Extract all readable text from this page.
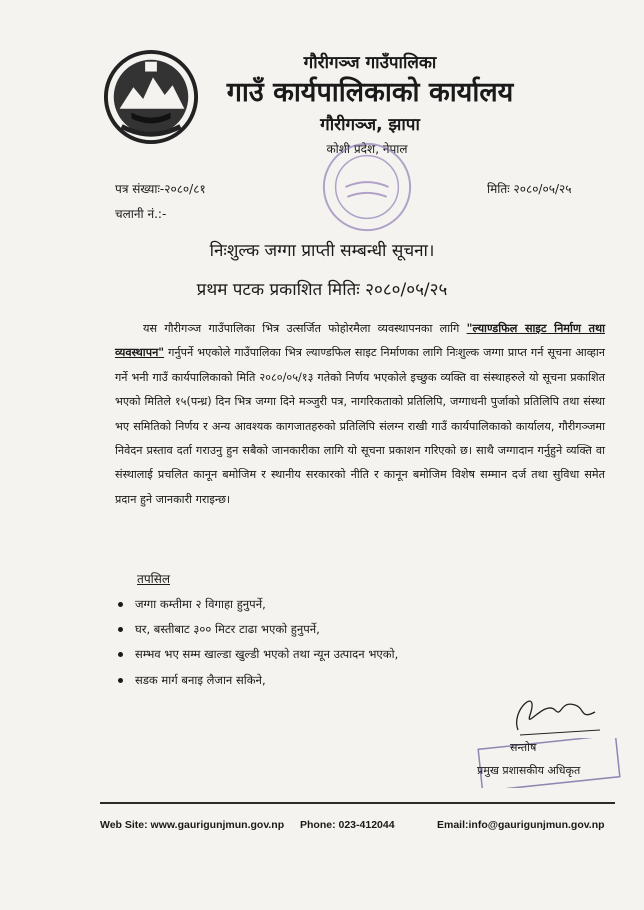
गौरीगञ्ज गाउँपालिका
गाउँ कार्यपालिकाको कार्यालय
गौरीगञ्ज, झापा
कोशी प्रदेश, नेपाल
पत्र संख्याः-२०८०/८१
चलानी नं.:-
मितिः २०८०/०५/२५
निःशुल्क जग्गा प्राप्ती सम्बन्धी सूचना।
प्रथम पटक प्रकाशित मितिः २०८०/०५/२५
यस गौरीगञ्ज गाउँपालिका भित्र उत्सर्जित फोहोरमैला व्यवस्थापनका लागि "ल्याण्डफिल साइट निर्माण तथा व्यवस्थापन" गर्नुपर्ने भएकोले गाउँपालिका भित्र ल्याण्डफिल साइट निर्माणका लागि निःशुल्क जग्गा प्राप्त गर्न सूचना आव्हान गर्ने भनी गाउँ कार्यपालिकाको मिति २०८०/०५/१३ गतेको निर्णय भएकोले इच्छुक व्यक्ति वा संस्थाहरुले यो सूचना प्रकाशित भएको मितिले १५(पन्ध्र) दिन भित्र जग्गा दिने मञ्जुरी पत्र, नागरिकताको प्रतिलिपि, जग्गाधनी पुर्जाको प्रतिलिपि तथा संस्था भए समितिको निर्णय र अन्य आवश्यक कागजातहरुको प्रतिलिपि संलग्न राखी गाउँ कार्यपालिकाको कार्यालय, गौरीगञ्जमा निवेदन प्रस्ताव दर्ता गराउनु हुन सबैको जानकारीका लागि यो सूचना प्रकाशन गरिएको छ। साथै जग्गादान गर्नुहुने व्यक्ति वा संस्थालाई प्रचलित कानून बमोजिम र स्थानीय सरकारको नीति र कानून बमोजिम विशेष सम्मान दर्ज तथा सुविधा समेत प्रदान हुने जानकारी गराइन्छ।
तपसिल
जग्गा कम्तीमा २ विगाहा हुनुपर्ने,
घर, बस्तीबाट ३०० मिटर टाढा भएको हुनुपर्ने,
सम्भव भए सम्म खाल्डा खुल्डी भएको तथा न्यून उत्पादन भएको,
सडक मार्ग बनाइ लैजान सकिने,
सन्तोष
प्रमुख प्रशासकीय अधिकृत
Web Site: www.gaurigunjmun.gov.np Phone: 023-412044	Email:info@gaurigunjmun.gov.np
